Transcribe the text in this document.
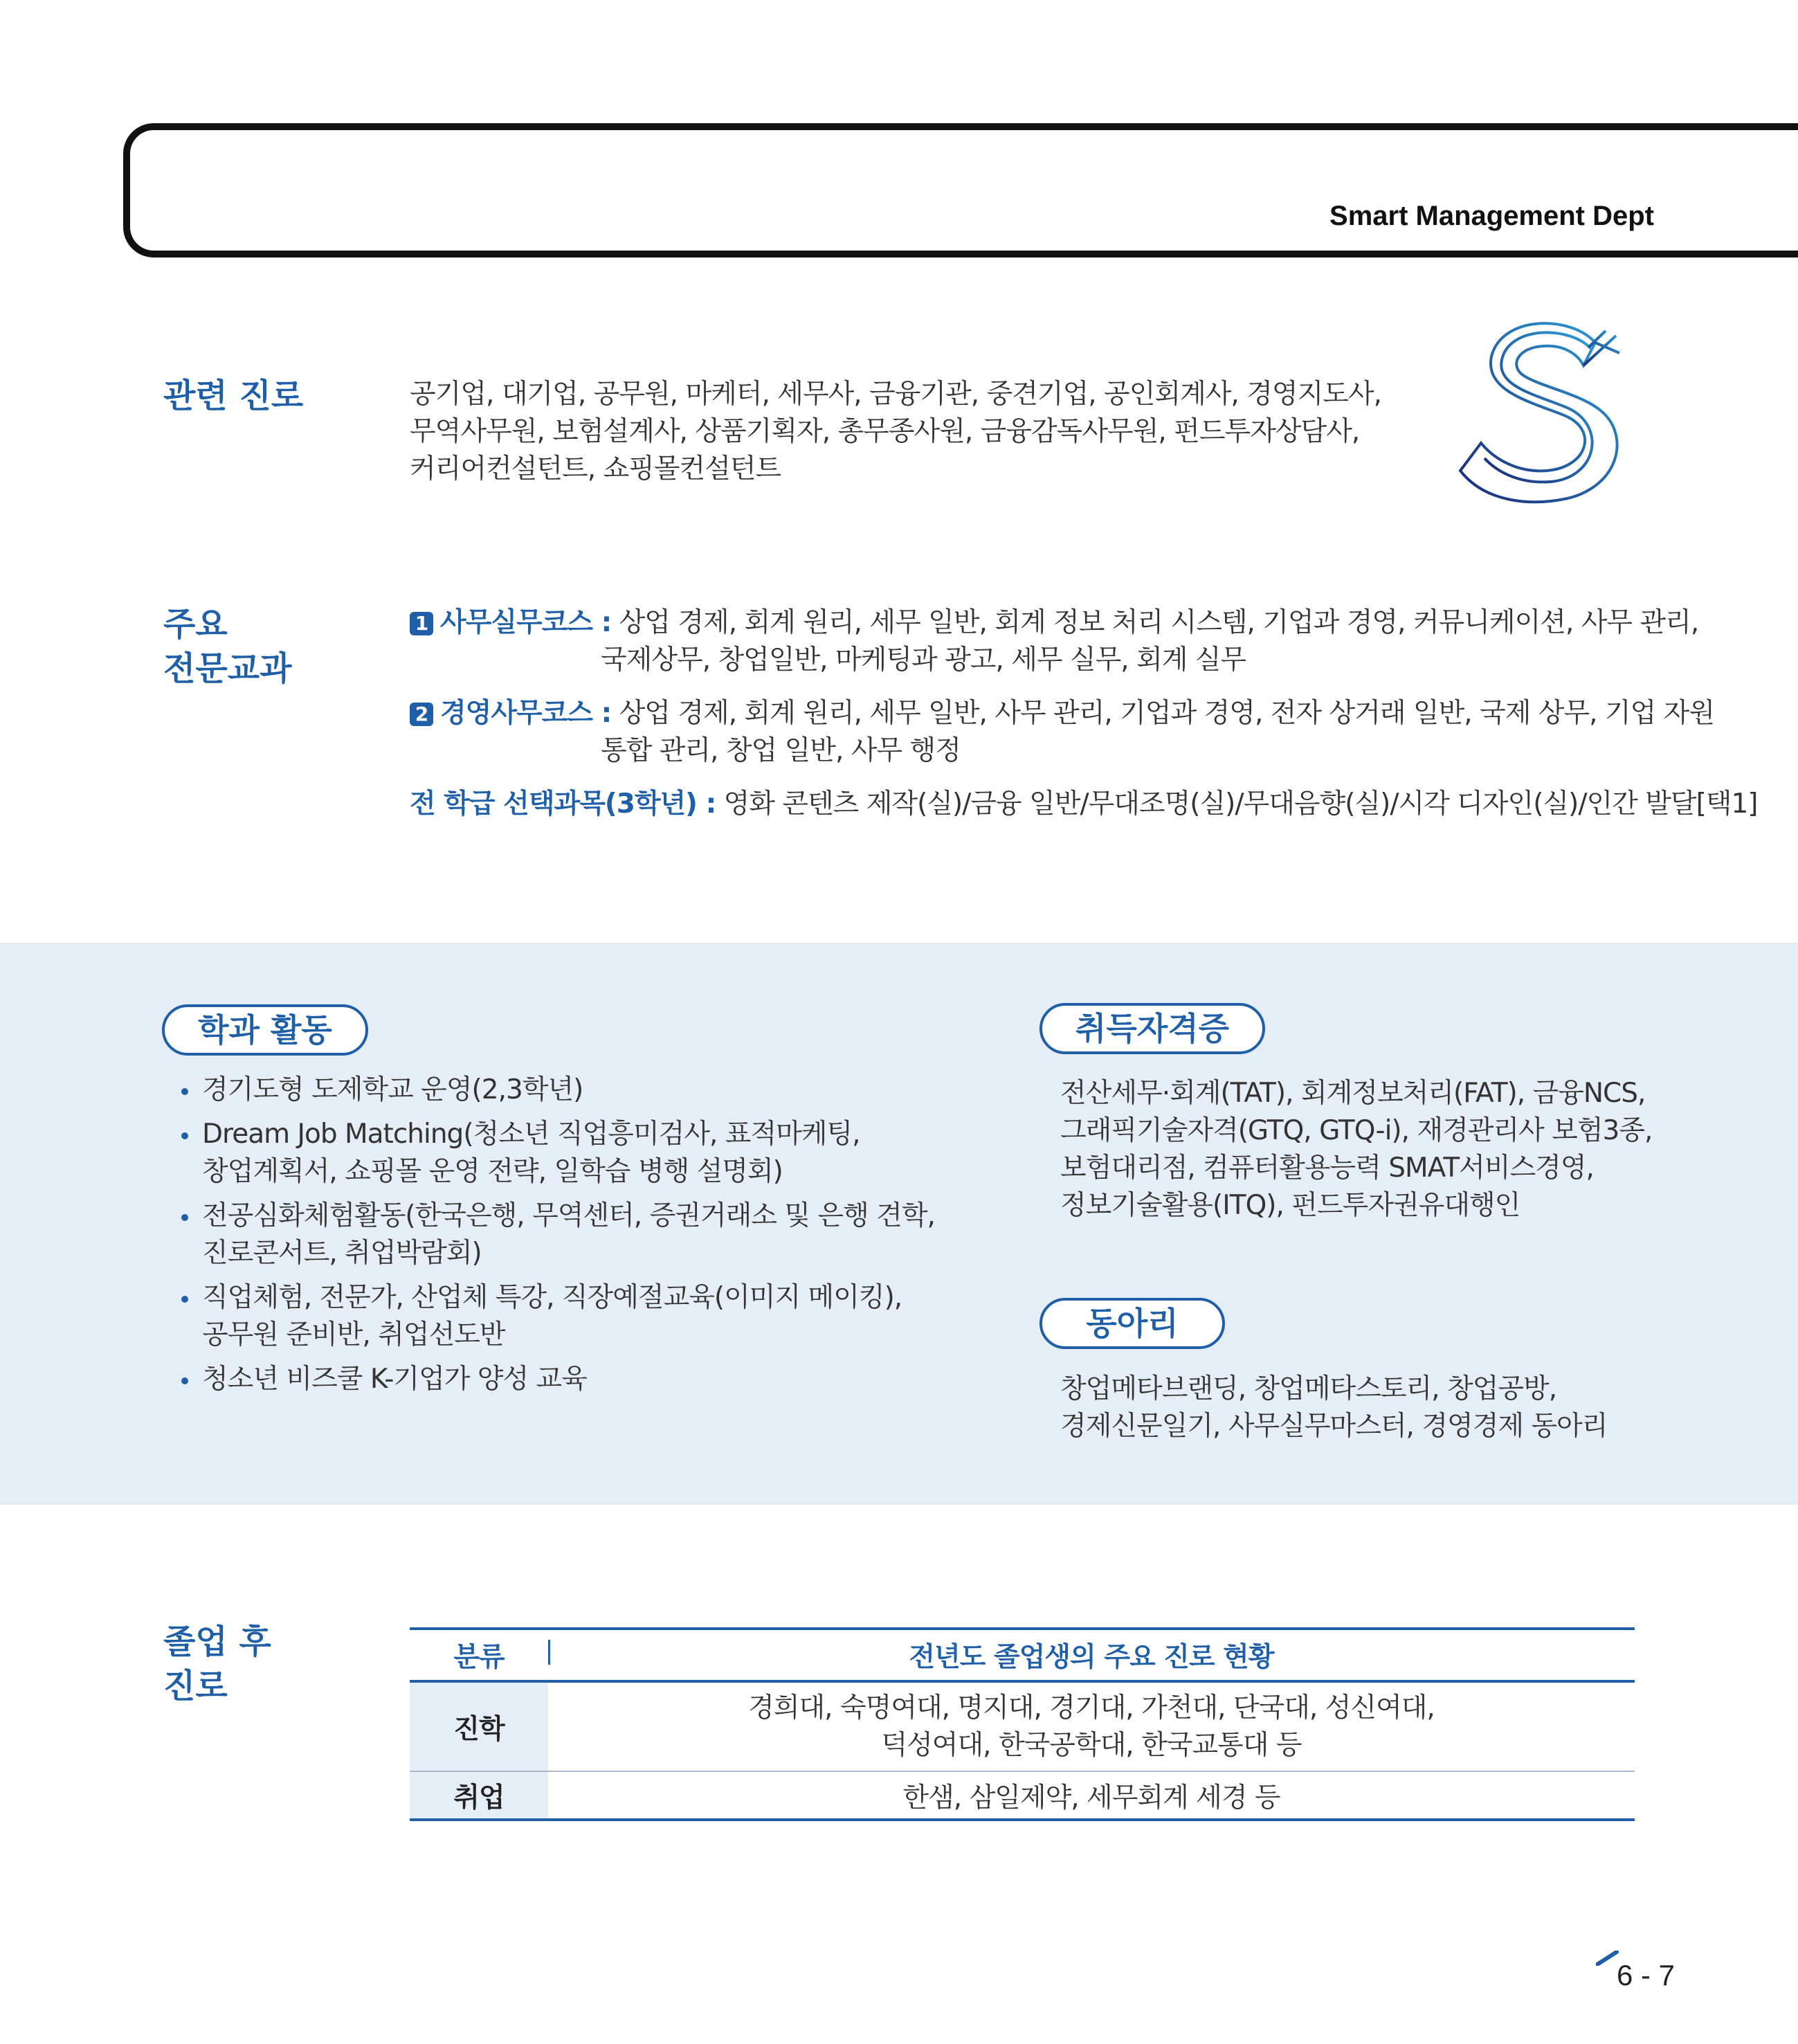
Smart Management Dept
관련 진로	공기업, 대기업, 공무원, 마케터, 세무사, 금융기관, 중견기업, 공인회계사, 경영지도사,
무역사무원, 보험설계사, 상품기획자, 총무종사원, 금융감독사무원, 펀드투자상담사,
커리어컨설턴트, 쇼핑몰컨설턴트
주요
전문교과
1 사무실무코스 : 상업 경제, 회계 원리, 세무 일반, 회계 정보 처리 시스템, 기업과 경영, 커뮤니케이션, 사무 관리,
국제상무, 창업일반, 마케팅과 광고, 세무 실무, 회계 실무
2 경영사무코스 : 상업 경제, 회계 원리, 세무 일반, 사무 관리, 기업과 경영, 전자 상거래 일반, 국제 상무, 기업 자원
통합 관리, 창업 일반, 사무 행정
전 학급 선택과목(3학년) : 영화 콘텐츠 제작(실)/금융 일반/무대조명(실)/무대음향(실)/시각 디자인(실)/인간 발달[택1]
학과 활동
경기도형 도제학교 운영(2,3학년)
Dream Job Matching(청소년 직업흥미검사, 표적마케팅,
창업계획서, 쇼핑몰 운영 전략, 일학습 병행 설명회)
전공심화체험활동(한국은행, 무역센터, 증권거래소 및 은행 견학,
진로콘서트, 취업박람회)
직업체험, 전문가, 산업체 특강, 직장예절교육(이미지 메이킹),
공무원 준비반, 취업선도반
청소년 비즈쿨 K-기업가 양성 교육
취득자격증
전산세무·회계(TAT), 회계정보처리(FAT), 금융NCS,
그래픽기술자격(GTQ, GTQ-i), 재경관리사 보험3종,
보험대리점, 컴퓨터활용능력 SMAT서비스경영,
정보기술활용(ITQ), 펀드투자권유대행인
동아리
창업메타브랜딩, 창업메타스토리, 창업공방,
경제신문일기, 사무실무마스터, 경영경제 동아리
졸업 후
진로
분류	전년도 졸업생의 주요 진로 현황
진학	경희대, 숙명여대, 명지대, 경기대, 가천대, 단국대, 성신여대,
덕성여대, 한국공학대, 한국교통대 등

취업	한샘, 삼일제약, 세무회계 세경 등
6 - 7
